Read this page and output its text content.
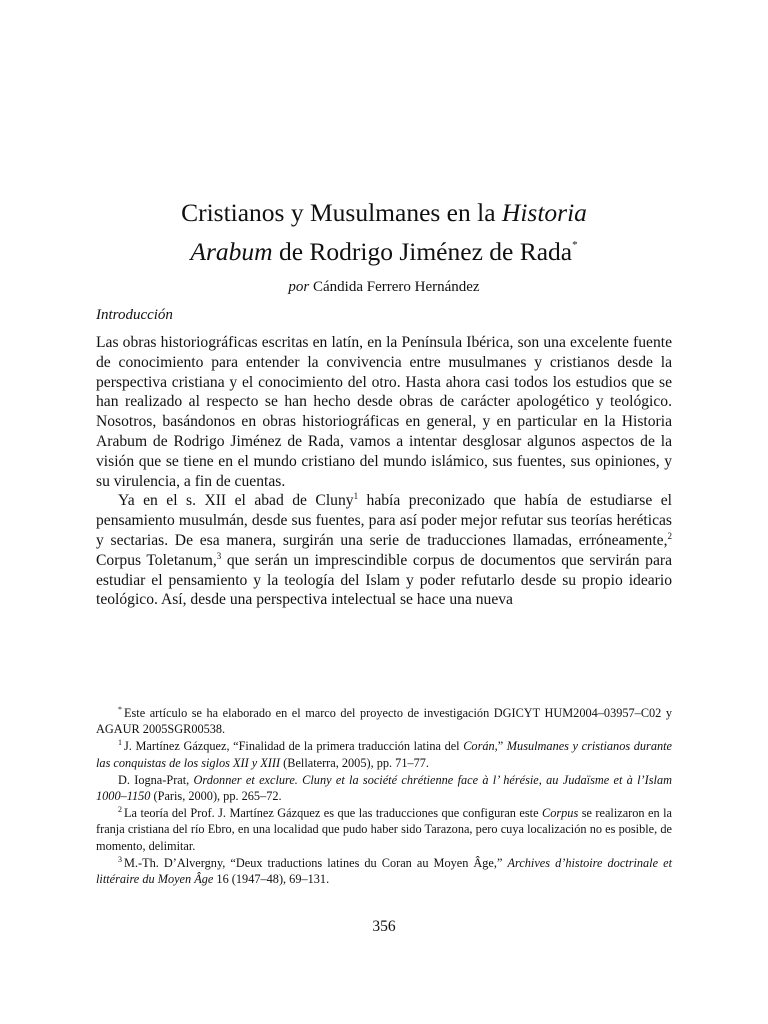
Cristianos y Musulmanes en la Historia
Arabum de Rodrigo Jiménez de Rada*
por Cándida Ferrero Hernández
Introducción

Las obras historiográficas escritas en latín, en la Península Ibérica, son una excelente fuente de conocimiento para entender la convivencia entre musulmanes y cristianos desde la perspectiva cristiana y el conocimiento del otro. Hasta ahora casi todos los estudios que se han realizado al respecto se han hecho desde obras de carácter apologético y teológico. Nosotros, basándonos en obras historiográficas en general, y en particular en la Historia Arabum de Rodrigo Jiménez de Rada, vamos a intentar desglosar algunos aspectos de la visión que se tiene en el mundo cristiano del mundo islámico, sus fuentes, sus opiniones, y su virulencia, a fin de cuentas.

Ya en el s. XII el abad de Cluny$^1$ había preconizado que había de estudiarse el pensamiento musulmán, desde sus fuentes, para así poder mejor refutar sus teorías heréticas y sectarias. De esa manera, surgirán una serie de traducciones llamadas, erróneamente,$^2$ Corpus Toletanum,$^3$ que serán un imprescindible corpus de documentos que servirán para estudiar el pensamiento y la teología del Islam y poder refutarlo desde su propio ideario teológico. Así, desde una perspectiva intelectual se hace una nueva

* Este artículo se ha elaborado en el marco del proyecto de investigación DGICYT HUM2004–03957–C02 y AGAUR 2005SGR00538.

$^1$ J. Martínez Gázquez, “Finalidad de la primera traducción latina del Corán,” Musulmanes y cristianos durante las conquistas de los siglos XII y XIII (Bellaterra, 2005), pp. 71–77.

D. Iogna-Prat, Ordonner et exclure. Cluny et la société chrétienne face à l’ hérésie, au Judaïsme et à l’Islam 1000–1150 (Paris, 2000), pp. 265–72.

$^2$ La teoría del Prof. J. Martínez Gázquez es que las traducciones que configuran este Corpus se realizaron en la franja cristiana del río Ebro, en una localidad que pudo haber sido Tarazona, pero cuya localización no es posible, de momento, delimitar.

$^3$ M.-Th. D’Alvergny, “Deux traductions latines du Coran au Moyen Âge,” Archives d’histoire doctrinale et littéraire du Moyen Âge 16 (1947–48), 69–131.

356
